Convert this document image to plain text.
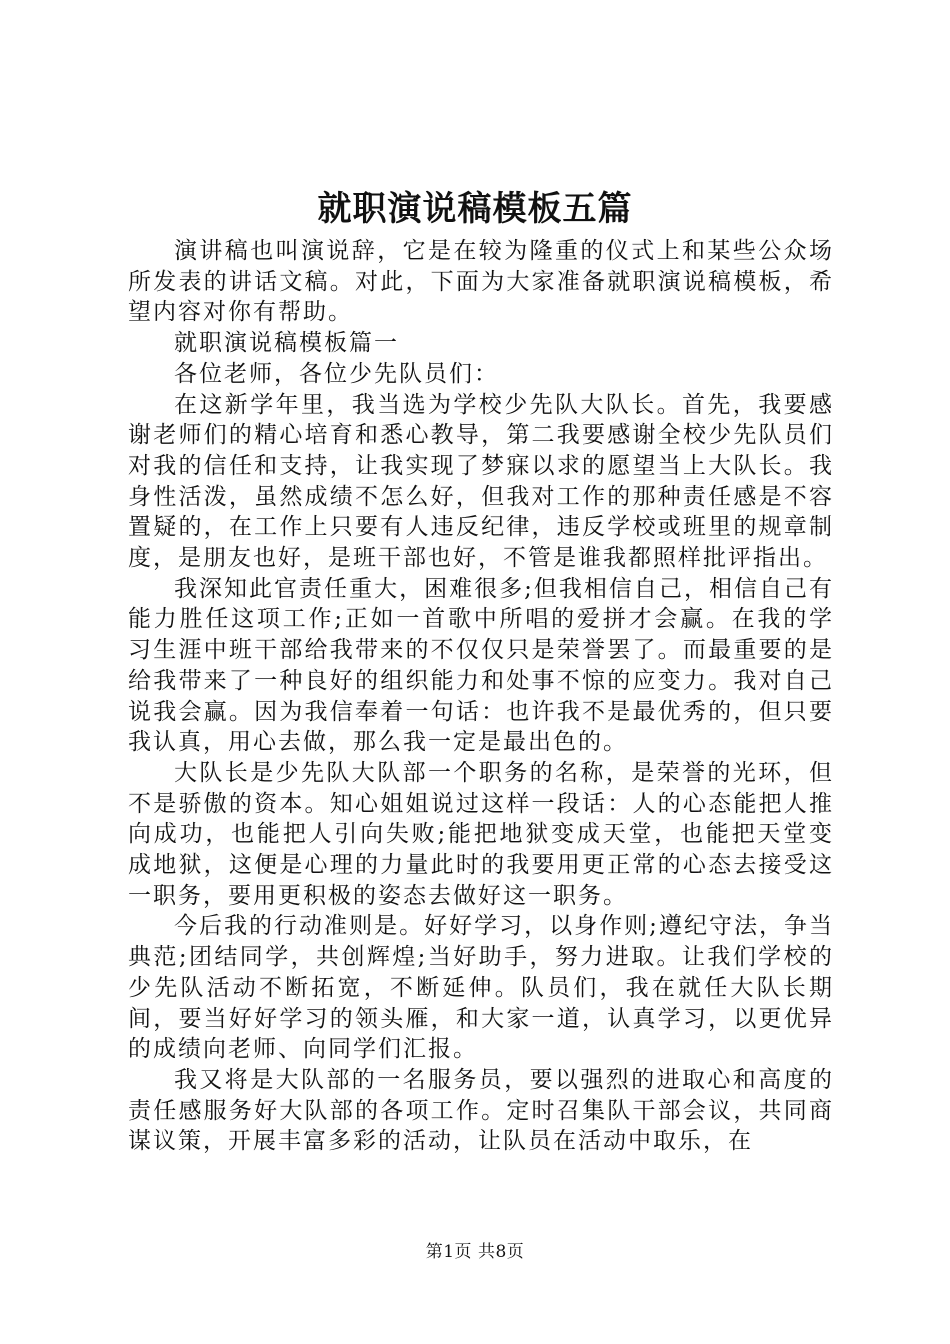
就职演说稿模板五篇

演讲稿也叫演说辞，它是在较为隆重的仪式上和某些公众场所发表的讲话文稿。对此，下面为大家准备就职演说稿模板，希望内容对你有帮助。

就职演说稿模板篇一

各位老师，各位少先队员们：

在这新学年里，我当选为学校少先队大队长。首先，我要感谢老师们的精心培育和悉心教导，第二我要感谢全校少先队员们对我的信任和支持，让我实现了梦寐以求的愿望当上大队长。我身性活泼，虽然成绩不怎么好，但我对工作的那种责任感是不容置疑的，在工作上只要有人违反纪律，违反学校或班里的规章制度，是朋友也好，是班干部也好，不管是谁我都照样批评指出。

我深知此官责任重大，困难很多;但我相信自己，相信自己有能力胜任这项工作;正如一首歌中所唱的爱拼才会赢。在我的学习生涯中班干部给我带来的不仅仅只是荣誉罢了。而最重要的是给我带来了一种良好的组织能力和处事不惊的应变力。我对自己说我会赢。因为我信奉着一句话：也许我不是最优秀的，但只要我认真，用心去做，那么我一定是最出色的。

大队长是少先队大队部一个职务的名称，是荣誉的光环，但不是骄傲的资本。知心姐姐说过这样一段话：人的心态能把人推向成功，也能把人引向失败;能把地狱变成天堂，也能把天堂变成地狱，这便是心理的力量此时的我要用更正常的心态去接受这一职务，要用更积极的姿态去做好这一职务。

今后我的行动准则是。好好学习，以身作则;遵纪守法，争当典范;团结同学，共创辉煌;当好助手，努力进取。让我们学校的少先队活动不断拓宽，不断延伸。队员们，我在就任大队长期间，要当好好学习的领头雁，和大家一道，认真学习，以更优异的成绩向老师、向同学们汇报。

我又将是大队部的一名服务员，要以强烈的进取心和高度的责任感服务好大队部的各项工作。定时召集队干部会议，共同商谋议策，开展丰富多彩的活动，让队员在活动中取乐，在

第1页 共8页
